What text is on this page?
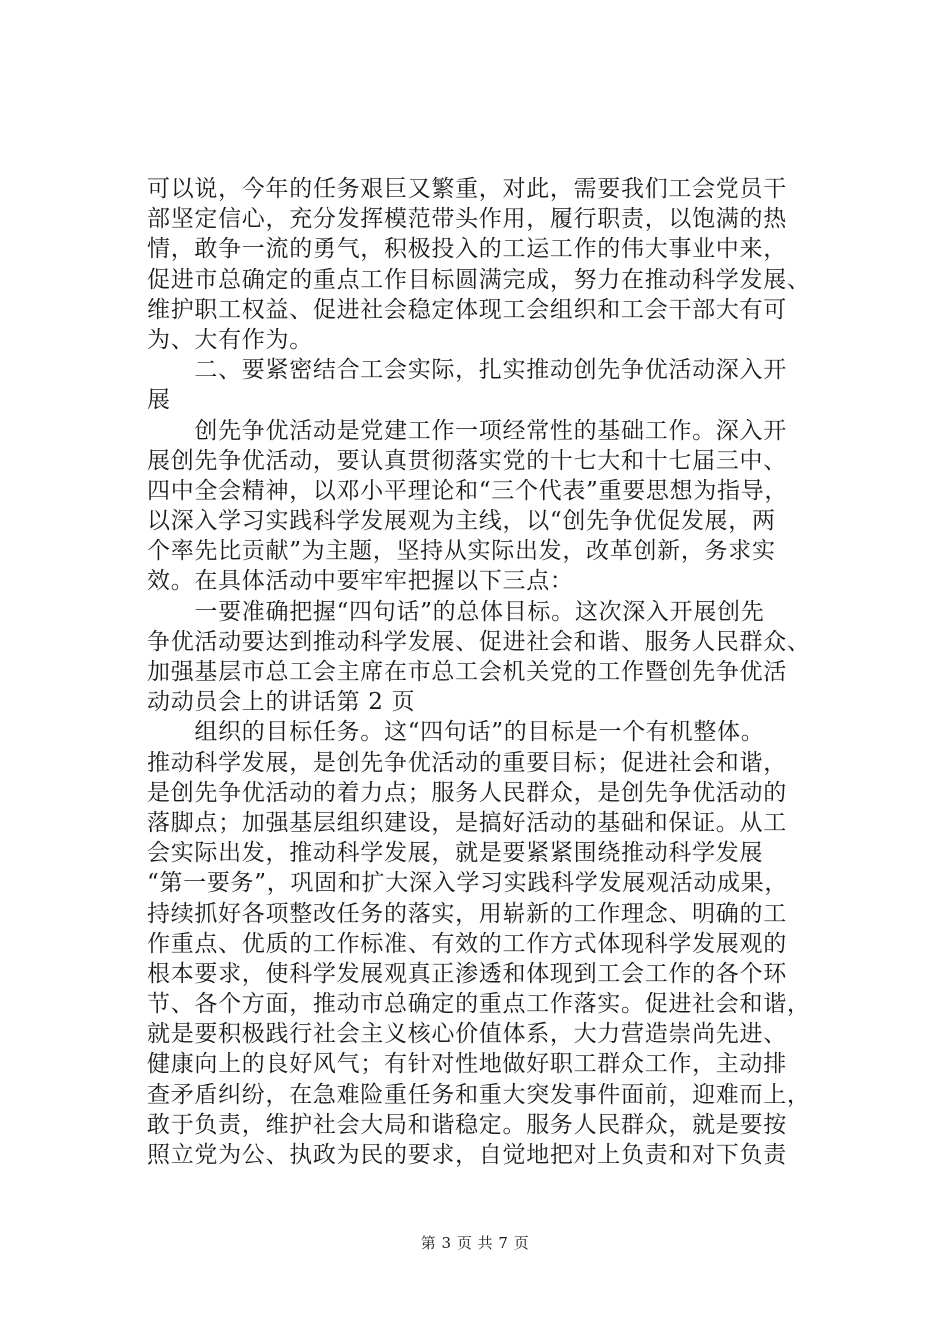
可以说，今年的任务艰巨又繁重，对此，需要我们工会党员干
部坚定信心，充分发挥模范带头作用，履行职责，以饱满的热
情，敢争一流的勇气，积极投入的工运工作的伟大事业中来，
促进市总确定的重点工作目标圆满完成，努力在推动科学发展、
维护职工权益、促进社会稳定体现工会组织和工会干部大有可
为、大有作为。
　　二、要紧密结合工会实际，扎实推动创先争优活动深入开
展
　　创先争优活动是党建工作一项经常性的基础工作。深入开
展创先争优活动，要认真贯彻落实党的十七大和十七届三中、
四中全会精神，以邓小平理论和“三个代表”重要思想为指导，
以深入学习实践科学发展观为主线，以“创先争优促发展，两
个率先比贡献”为主题，坚持从实际出发，改革创新，务求实
效。在具体活动中要牢牢把握以下三点：
　　一要准确把握“四句话”的总体目标。这次深入开展创先
争优活动要达到推动科学发展、促进社会和谐、服务人民群众、
加强基层市总工会主席在市总工会机关党的工作暨创先争优活
动动员会上的讲话第 2 页
　　组织的目标任务。这“四句话”的目标是一个有机整体。
推动科学发展，是创先争优活动的重要目标；促进社会和谐，
是创先争优活动的着力点；服务人民群众，是创先争优活动的
落脚点；加强基层组织建设，是搞好活动的基础和保证。从工
会实际出发，推动科学发展，就是要紧紧围绕推动科学发展
“第一要务”，巩固和扩大深入学习实践科学发展观活动成果，
持续抓好各项整改任务的落实，用崭新的工作理念、明确的工
作重点、优质的工作标准、有效的工作方式体现科学发展观的
根本要求，使科学发展观真正渗透和体现到工会工作的各个环
节、各个方面，推动市总确定的重点工作落实。促进社会和谐，
就是要积极践行社会主义核心价值体系，大力营造崇尚先进、
健康向上的良好风气；有针对性地做好职工群众工作，主动排
查矛盾纠纷，在急难险重任务和重大突发事件面前，迎难而上，
敢于负责，维护社会大局和谐稳定。服务人民群众，就是要按
照立党为公、执政为民的要求，自觉地把对上负责和对下负责
第 3 页 共 7 页
